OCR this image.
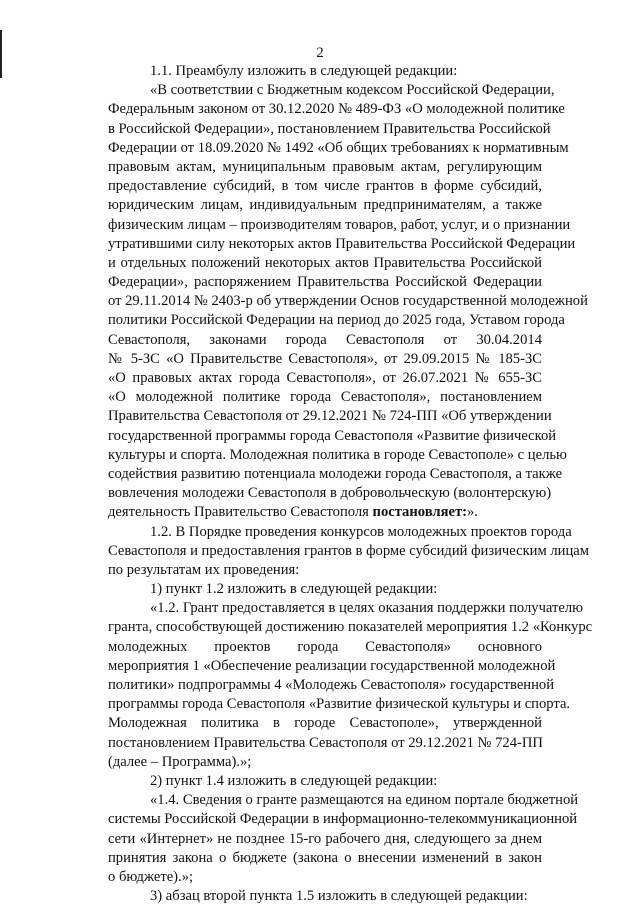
2
1.1. Преамбулу изложить в следующей редакции:
«В соответствии с Бюджетным кодексом Российской Федерации,
Федеральным законом от 30.12.2020 № 489-ФЗ «О молодежной политике
в Российской Федерации», постановлением Правительства Российской
Федерации от 18.09.2020 № 1492 «Об общих требованиях к нормативным
правовым актам, муниципальным правовым актам, регулирующим
предоставление субсидий, в том числе грантов в форме субсидий,
юридическим лицам, индивидуальным предпринимателям, а также
физическим лицам – производителям товаров, работ, услуг, и о признании
утратившими силу некоторых актов Правительства Российской Федерации
и отдельных положений некоторых актов Правительства Российской
Федерации», распоряжением Правительства Российской Федерации
от 29.11.2014 № 2403-р об утверждении Основ государственной молодежной
политики Российской Федерации на период до 2025 года, Уставом города
Севастополя, законами города Севастополя от 30.04.2014
№ 5-ЗС «О Правительстве Севастополя», от 29.09.2015 № 185-ЗС
«О правовых актах города Севастополя», от 26.07.2021 № 655-ЗС
«О молодежной политике города Севастополя», постановлением
Правительства Севастополя от 29.12.2021 № 724-ПП «Об утверждении
государственной программы города Севастополя «Развитие физической
культуры и спорта. Молодежная политика в городе Севастополе» с целью
содействия развитию потенциала молодежи города Севастополя, а также
вовлечения молодежи Севастополя в добровольческую (волонтерскую)
деятельность Правительство Севастополя постановляет:».
1.2. В Порядке проведения конкурсов молодежных проектов города
Севастополя и предоставления грантов в форме субсидий физическим лицам
по результатам их проведения:
1) пункт 1.2 изложить в следующей редакции:
«1.2. Грант предоставляется в целях оказания поддержки получателю
гранта, способствующей достижению показателей мероприятия 1.2 «Конкурс
молодежных проектов города Севастополя» основного
мероприятия 1 «Обеспечение реализации государственной молодежной
политики» подпрограммы 4 «Молодежь Севастополя» государственной
программы города Севастополя «Развитие физической культуры и спорта.
Молодежная политика в городе Севастополе», утвержденной
постановлением Правительства Севастополя от 29.12.2021 № 724-ПП
(далее – Программа).»;
2) пункт 1.4 изложить в следующей редакции:
«1.4. Сведения о гранте размещаются на едином портале бюджетной
системы Российской Федерации в информационно-телекоммуникационной
сети «Интернет» не позднее 15-го рабочего дня, следующего за днем
принятия закона о бюджете (закона о внесении изменений в закон
о бюджете).»;
3) абзац второй пункта 1.5 изложить в следующей редакции:
